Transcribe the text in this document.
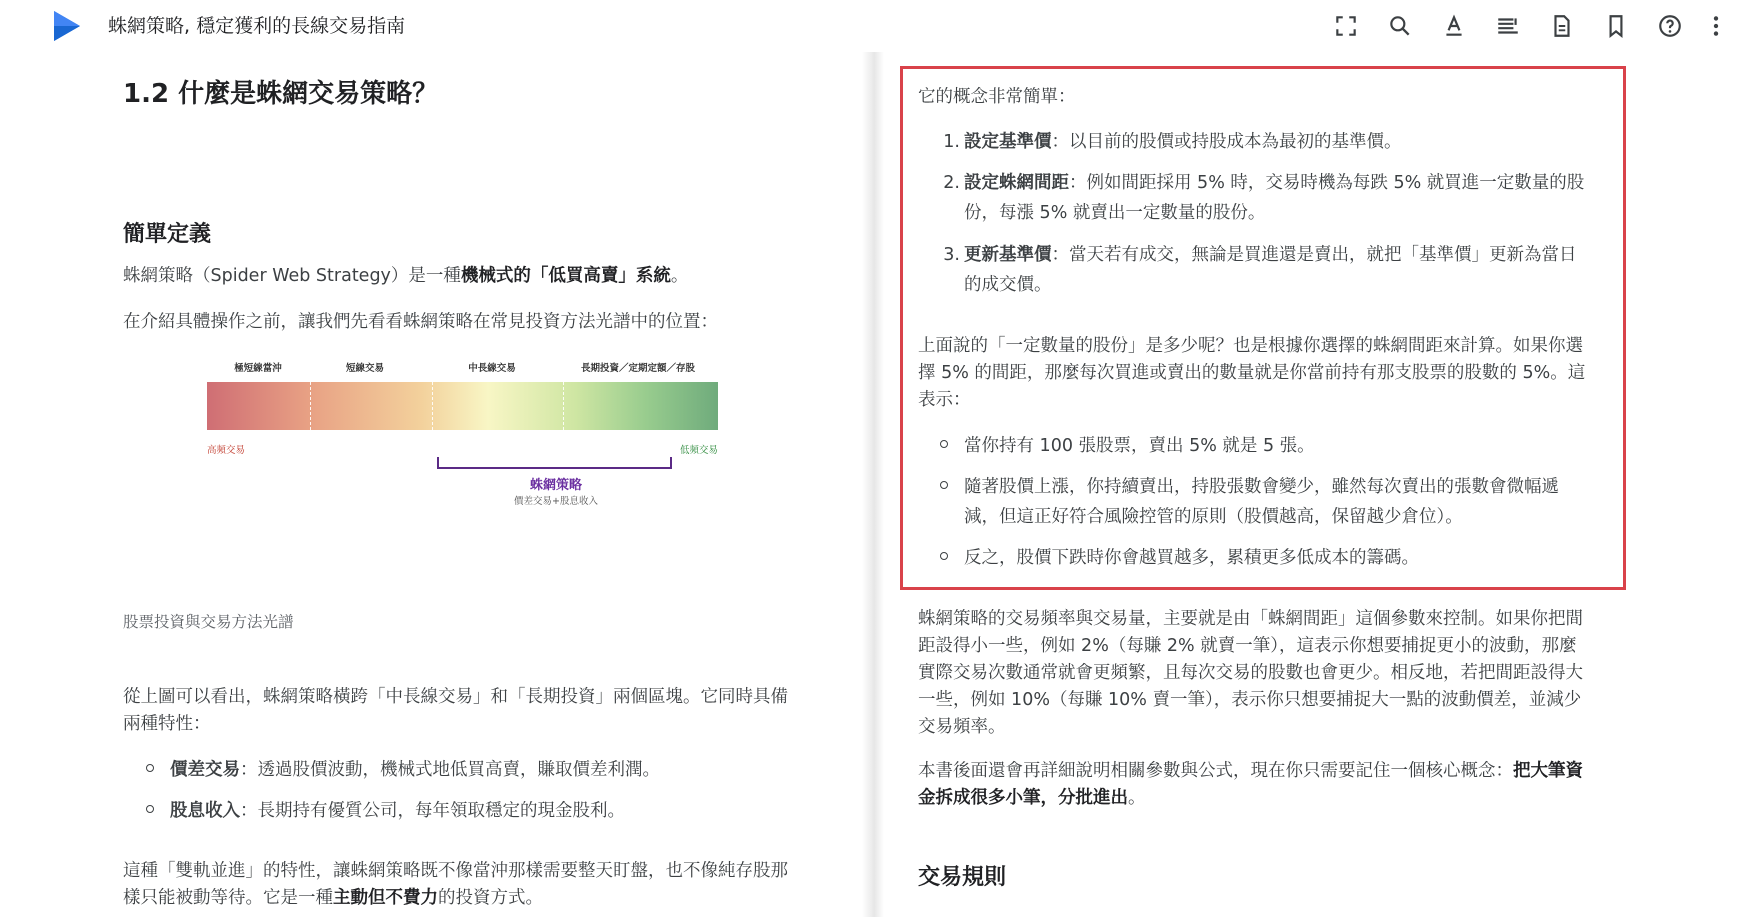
蛛網策略, 穩定獲利的長線交易指南
1.2 什麼是蛛網交易策略？
簡單定義
蛛網策略（Spider Web Strategy）是一種機械式的「低買高賣」系統。
在介紹具體操作之前，讓我們先看看蛛網策略在常見投資方法光譜中的位置：
極短線當沖	短線交易	中長線交易	長期投資／定期定額／存股
高頻交易	低頻交易
蛛網策略
價差交易+股息收入
股票投資與交易方法光譜
從上圖可以看出，蛛網策略橫跨「中長線交易」和「長期投資」兩個區塊。它同時具備
兩種特性：
價差交易：透過股價波動，機械式地低買高賣，賺取價差利潤。
股息收入：長期持有優質公司，每年領取穩定的現金股利。
這種「雙軌並進」的特性，讓蛛網策略既不像當沖那樣需要整天盯盤，也不像純存股那
樣只能被動等待。它是一種主動但不費力的投資方式。
它的概念非常簡單：
1. 設定基準價：以目前的股價或持股成本為最初的基準價。
2. 設定蛛網間距：例如間距採用 5% 時，交易時機為每跌 5% 就買進一定數量的股
份，每漲 5% 就賣出一定數量的股份。
3. 更新基準價：當天若有成交，無論是買進還是賣出，就把「基準價」更新為當日
的成交價。
上面說的「一定數量的股份」是多少呢？也是根據你選擇的蛛網間距來計算。如果你選
擇 5% 的間距，那麼每次買進或賣出的數量就是你當前持有那支股票的股數的 5%。這
表示：
當你持有 100 張股票，賣出 5% 就是 5 張。
隨著股價上漲，你持續賣出，持股張數會變少，雖然每次賣出的張數會微幅遞
減，但這正好符合風險控管的原則（股價越高，保留越少倉位）。
反之，股價下跌時你會越買越多，累積更多低成本的籌碼。
蛛網策略的交易頻率與交易量，主要就是由「蛛網間距」這個參數來控制。如果你把間
距設得小一些，例如 2%（每賺 2% 就賣一筆），這表示你想要捕捉更小的波動，那麼
實際交易次數通常就會更頻繁，且每次交易的股數也會更少。相反地，若把間距設得大
一些，例如 10%（每賺 10% 賣一筆），表示你只想要捕捉大一點的波動價差，並減少
交易頻率。
本書後面還會再詳細說明相關參數與公式，現在你只需要記住一個核心概念：把大筆資
金拆成很多小筆，分批進出。
交易規則
